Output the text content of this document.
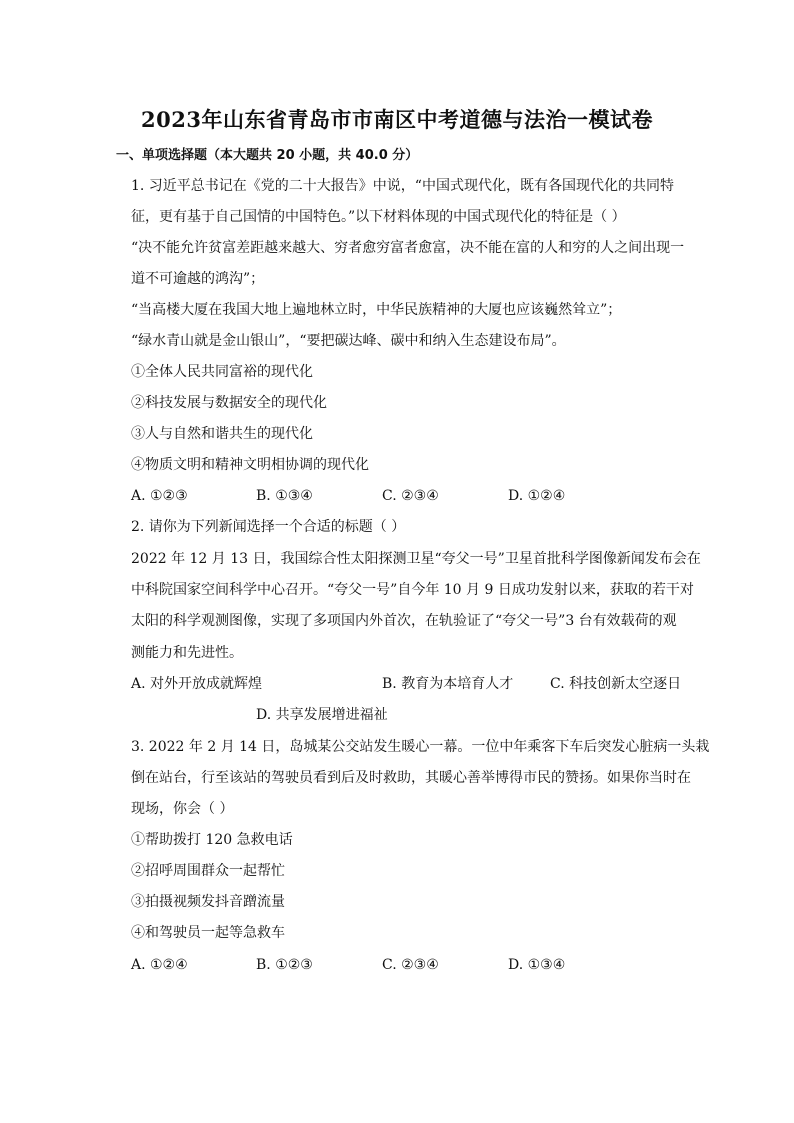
2023年山东省青岛市市南区中考道德与法治一模试卷
一、单项选择题（本大题共 20 小题，共 40.0 分）
1. 习近平总书记在《党的二十大报告》中说，“中国式现代化，既有各国现代化的共同特
征，更有基于自己国情的中国特色。”以下材料体现的中国式现代化的特征是（ ）
“决不能允许贫富差距越来越大、穷者愈穷富者愈富，决不能在富的人和穷的人之间出现一
道不可逾越的鸿沟”；
“当高楼大厦在我国大地上遍地林立时，中华民族精神的大厦也应该巍然耸立”；
“绿水青山就是金山银山”，“要把碳达峰、碳中和纳入生态建设布局”。
①全体人民共同富裕的现代化
②科技发展与数据安全的现代化
③人与自然和谐共生的现代化
④物质文明和精神文明相协调的现代化
A. ①②③	B. ①③④	C. ②③④	D. ①②④
2. 请你为下列新闻选择一个合适的标题（ ）
2022 年 12 月 13 日，我国综合性太阳探测卫星“夸父一号”卫星首批科学图像新闻发布会在
中科院国家空间科学中心召开。“夸父一号”自今年 10 月 9 日成功发射以来，获取的若干对
太阳的科学观测图像，实现了多项国内外首次，在轨验证了“夸父一号”3 台有效载荷的观
测能力和先进性。
A. 对外开放成就辉煌	B. 教育为本培育人才	C. 科技创新太空逐日
D. 共享发展增进福祉
3. 2022 年 2 月 14 日，岛城某公交站发生暖心一幕。一位中年乘客下车后突发心脏病一头栽
倒在站台，行至该站的驾驶员看到后及时救助，其暖心善举博得市民的赞扬。如果你当时在
现场，你会（ ）
①帮助拨打 120 急救电话
②招呼周围群众一起帮忙
③拍摄视频发抖音蹭流量
④和驾驶员一起等急救车
A. ①②④	B. ①②③	C. ②③④	D. ①③④
